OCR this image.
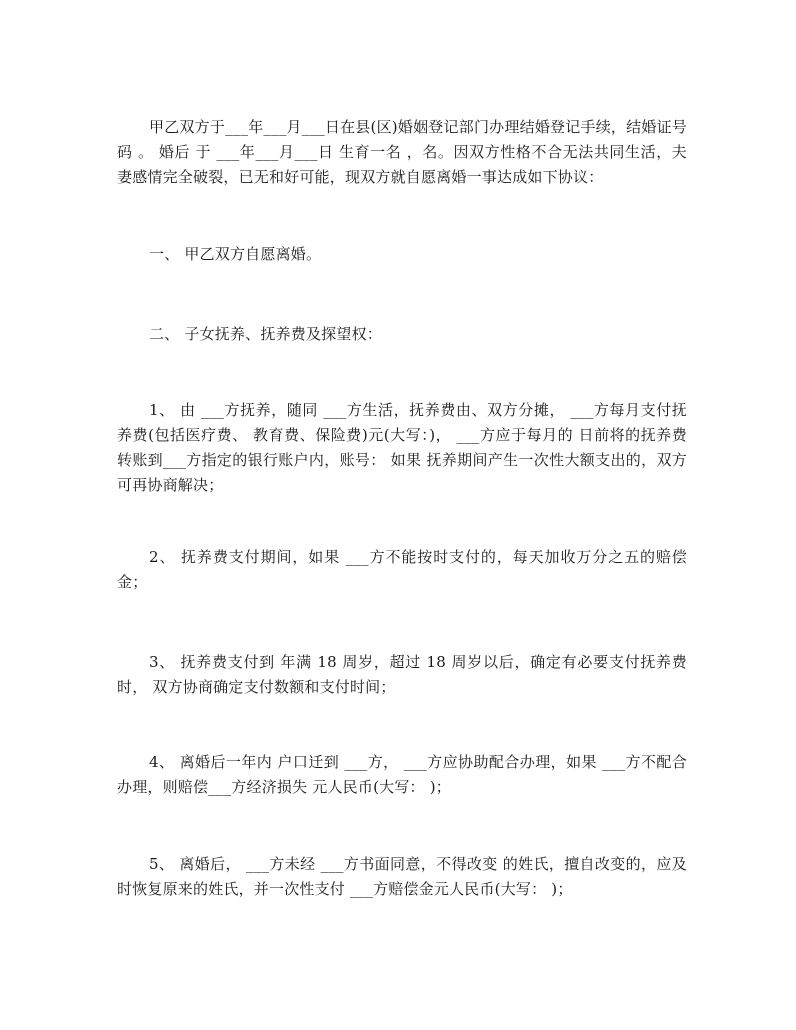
甲乙双方于___年___月___日在县(区)婚姻登记部门办理结婚登记手续，结婚证号码 。 婚后 于 ___年___月___日 生育一名 ，名。因双方性格不合无法共同生活，夫妻感情完全破裂，已无和好可能，现双方就自愿离婚一事达成如下协议：

一、 甲乙双方自愿离婚。

二、 子女抚养、抚养费及探望权：

1、 由 ___方抚养，随同 ___方生活，抚养费由、双方分摊， ___方每月支付抚养费(包括医疗费、 教育费、保险费)元(大写：)， ___方应于每月的 日前将的抚养费转账到___方指定的银行账户内，账号： 如果 抚养期间产生一次性大额支出的，双方可再协商解决；

2、 抚养费支付期间，如果 ___方不能按时支付的，每天加收万分之五的赔偿金；

3、 抚养费支付到 年满 18 周岁，超过 18 周岁以后，确定有必要支付抚养费时， 双方协商确定支付数额和支付时间；

4、 离婚后一年内 户口迁到 ___方， ___方应协助配合办理，如果 ___方不配合办理，则赔偿___方经济损失 元人民币(大写： )；

5、 离婚后， ___方未经 ___方书面同意，不得改变 的姓氏，擅自改变的，应及时恢复原来的姓氏，并一次性支付 ___方赔偿金元人民币(大写： )；
